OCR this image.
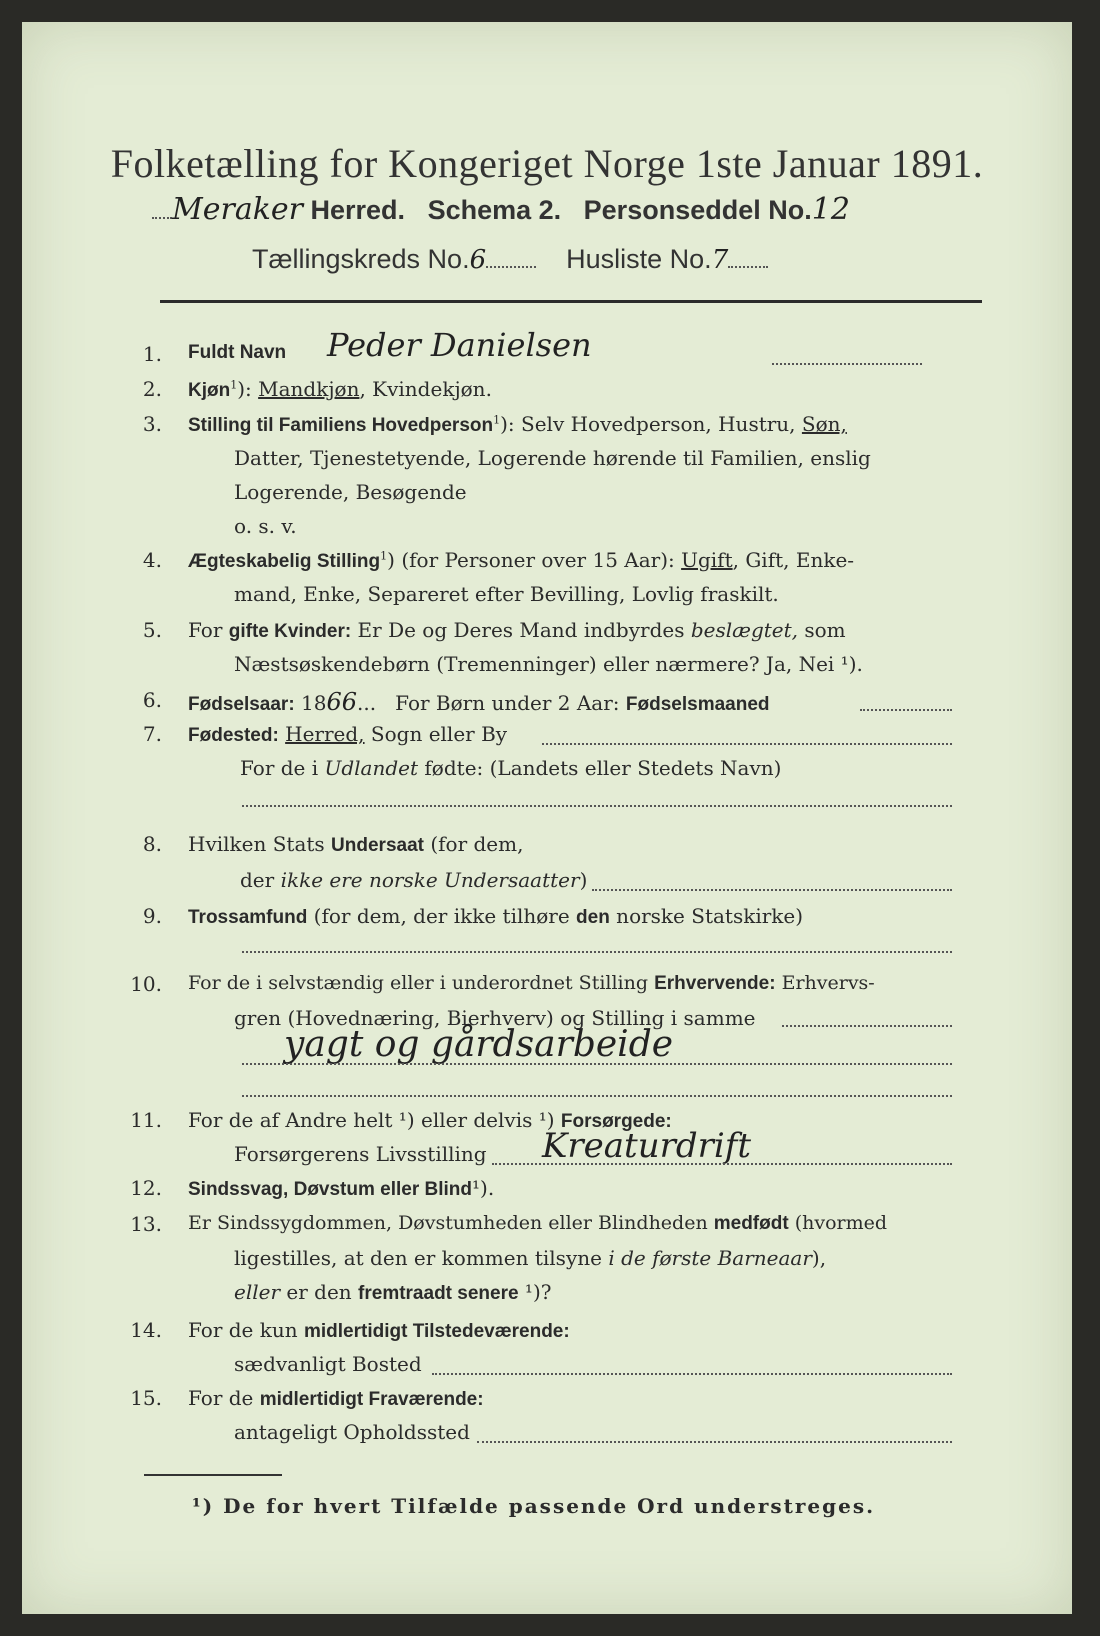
Folketælling for Kongeriget Norge 1ste Januar 1891.
Meraker Herred. Schema 2. Personseddel No.12
Tællingskreds No.6	Husliste No.7
1. Fuldt Navn Peder Danielsen
2. Kjøn$^1$): Mandkjøn, Kvindekjøn.
3. Stilling til Familiens Hovedperson$^1$): Selv Hovedperson, Hustru, Søn,
Datter, Tjenestetyende, Logerende hørende til Familien, enslig
Logerende, Besøgende
o. s. v.
4. Ægteskabelig Stilling$^1$) (for Personer over 15 Aar): Ugift, Gift, Enke-
mand, Enke, Separeret efter Bevilling, Lovlig fraskilt.
5. For gifte Kvinder: Er De og Deres Mand indbyrdes beslægtet, som
Næstsøskendebørn (Tremenninger) eller nærmere? Ja, Nei ¹).
6. Fødselsaar: 1866...   For Børn under 2 Aar: Fødselsmaaned
7. Fødested: Herred, Sogn eller By
For de i Udlandet fødte: (Landets eller Stedets Navn)
8. Hvilken Stats Undersaat (for dem,
der ikke ere norske Undersaatter)
9. Trossamfund (for dem, der ikke tilhøre den norske Statskirke)
10. For de i selvstændig eller i underordnet Stilling Erhvervende: Erhvervs-
gren (Hovednæring, Bierhverv) og Stilling i samme
yagt og gårdsarbeide
11. For de af Andre helt ¹) eller delvis ¹) Forsørgede:
Forsørgerens Livsstilling Kreaturdrift
12. Sindssvag, Døvstum eller Blind¹).
13. Er Sindssygdommen, Døvstumheden eller Blindheden medfødt (hvormed
ligestilles, at den er kommen tilsyne i de første Barneaar),
eller er den fremtraadt senere ¹)?
14. For de kun midlertidigt Tilstedeværende:
sædvanligt Bosted
15. For de midlertidigt Fraværende:
antageligt Opholdssted
¹) De for hvert Tilfælde passende Ord understreges.
